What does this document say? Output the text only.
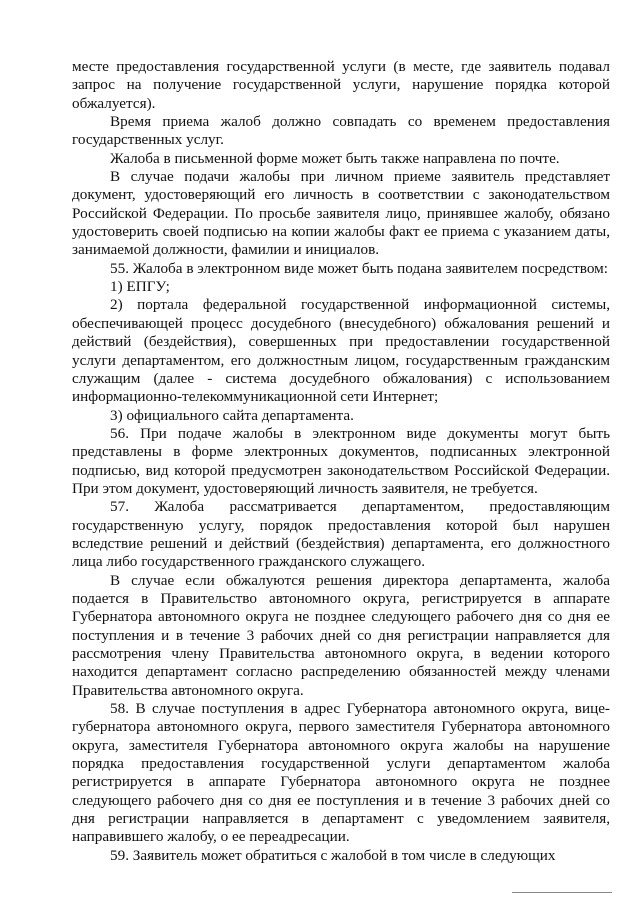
месте предоставления государственной услуги (в месте, где заявитель подавал запрос на получение государственной услуги, нарушение порядка которой обжалуется).

Время приема жалоб должно совпадать со временем предоставления государственных услуг.

Жалоба в письменной форме может быть также направлена по почте.

В случае подачи жалобы при личном приеме заявитель представляет документ, удостоверяющий его личность в соответствии с законодательством Российской Федерации. По просьбе заявителя лицо, принявшее жалобу, обязано удостоверить своей подписью на копии жалобы факт ее приема с указанием даты, занимаемой должности, фамилии и инициалов.

55. Жалоба в электронном виде может быть подана заявителем посредством:

1) ЕПГУ;

2) портала федеральной государственной информационной системы, обеспечивающей процесс досудебного (внесудебного) обжалования решений и действий (бездействия), совершенных при предоставлении государственной услуги департаментом, его должностным лицом, государственным гражданским служащим (далее - система досудебного обжалования) с использованием информационно-телекоммуникационной сети Интернет;

3) официального сайта департамента.

56. При подаче жалобы в электронном виде документы могут быть представлены в форме электронных документов, подписанных электронной подписью, вид которой предусмотрен законодательством Российской Федерации. При этом документ, удостоверяющий личность заявителя, не требуется.

57. Жалоба рассматривается департаментом, предоставляющим государственную услугу, порядок предоставления которой был нарушен вследствие решений и действий (бездействия) департамента, его должностного лица либо государственного гражданского служащего.

В случае если обжалуются решения директора департамента, жалоба подается в Правительство автономного округа, регистрируется в аппарате Губернатора автономного округа не позднее следующего рабочего дня со дня ее поступления и в течение 3 рабочих дней со дня регистрации направляется для рассмотрения члену Правительства автономного округа, в ведении которого находится департамент согласно распределению обязанностей между членами Правительства автономного округа.

58. В случае поступления в адрес Губернатора автономного округа, вице-губернатора автономного округа, первого заместителя Губернатора автономного округа, заместителя Губернатора автономного округа жалобы на нарушение порядка предоставления государственной услуги департаментом жалоба регистрируется в аппарате Губернатора автономного округа не позднее следующего рабочего дня со дня ее поступления и в течение 3 рабочих дней со дня регистрации направляется в департамент с уведомлением заявителя, направившего жалобу, о ее переадресации.

59. Заявитель может обратиться с жалобой в том числе в следующих
